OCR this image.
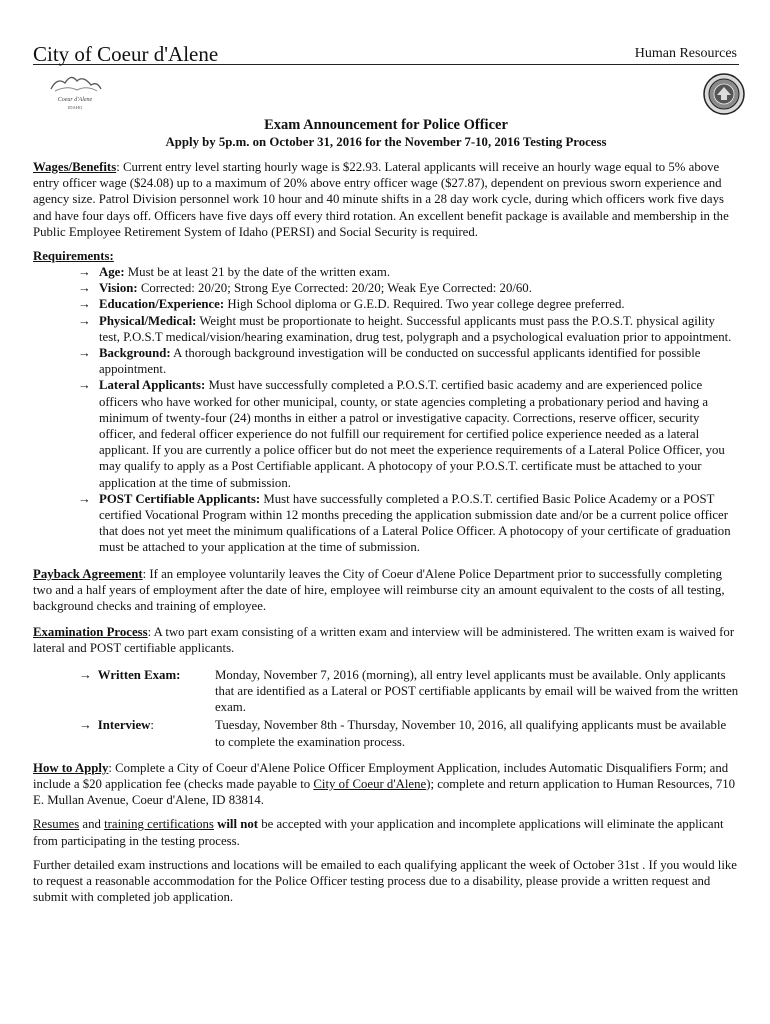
City of Coeur d'Alene	Human Resources
Coeur d'Alene
IDAHO
Exam Announcement for Police Officer
Apply by 5p.m. on October 31, 2016 for the November 7-10, 2016 Testing Process

Wages/Benefits: Current entry level starting hourly wage is $22.93. Lateral applicants will receive an hourly wage equal to 5% above entry officer wage ($24.08) up to a maximum of 20% above entry officer wage ($27.87), dependent on previous sworn experience and agency size. Patrol Division personnel work 10 hour and 40 minute shifts in a 28 day work cycle, during which officers work five days and have four days off. Officers have five days off every third rotation. An excellent benefit package is available and membership in the Public Employee Retirement System of Idaho (PERSI) and Social Security is required.

Requirements:
→ Age: Must be at least 21 by the date of the written exam.
→ Vision: Corrected: 20/20; Strong Eye Corrected: 20/20; Weak Eye Corrected: 20/60.
→ Education/Experience: High School diploma or G.E.D. Required. Two year college degree preferred.
→ Physical/Medical: Weight must be proportionate to height. Successful applicants must pass the P.O.S.T. physical agility test, P.O.S.T medical/vision/hearing examination, drug test, polygraph and a psychological evaluation prior to appointment.
→ Background: A thorough background investigation will be conducted on successful applicants identified for possible appointment.
→ Lateral Applicants: Must have successfully completed a P.O.S.T. certified basic academy and are experienced police officers who have worked for other municipal, county, or state agencies completing a probationary period and having a minimum of twenty-four (24) months in either a patrol or investigative capacity. Corrections, reserve officer, security officer, and federal officer experience do not fulfill our requirement for certified police experience needed as a lateral applicant. If you are currently a police officer but do not meet the experience requirements of a Lateral Police Officer, you may qualify to apply as a Post Certifiable applicant. A photocopy of your P.O.S.T. certificate must be attached to your application at the time of submission.
→ POST Certifiable Applicants: Must have successfully completed a P.O.S.T. certified Basic Police Academy or a POST certified Vocational Program within 12 months preceding the application submission date and/or be a current police officer that does not yet meet the minimum qualifications of a Lateral Police Officer. A photocopy of your certificate of graduation must be attached to your application at the time of submission.

Payback Agreement: If an employee voluntarily leaves the City of Coeur d'Alene Police Department prior to successfully completing two and a half years of employment after the date of hire, employee will reimburse city an amount equivalent to the costs of all testing, background checks and training of employee.

Examination Process: A two part exam consisting of a written exam and interview will be administered. The written exam is waived for lateral and POST certifiable applicants.

→ Written Exam:	Monday, November 7, 2016 (morning), all entry level applicants must be available. Only applicants that are identified as a Lateral or POST certifiable applicants by email will be waived from the written exam.
→ Interview:	Tuesday, November 8th - Thursday, November 10, 2016, all qualifying applicants must be available to complete the examination process.

How to Apply: Complete a City of Coeur d'Alene Police Officer Employment Application, includes Automatic Disqualifiers Form; and include a $20 application fee (checks made payable to City of Coeur d'Alene); complete and return application to Human Resources, 710 E. Mullan Avenue, Coeur d'Alene, ID 83814.

Resumes and training certifications will not be accepted with your application and incomplete applications will eliminate the applicant from participating in the testing process.

Further detailed exam instructions and locations will be emailed to each qualifying applicant the week of October 31st . If you would like to request a reasonable accommodation for the Police Officer testing process due to a disability, please provide a written request and submit with completed job application.
